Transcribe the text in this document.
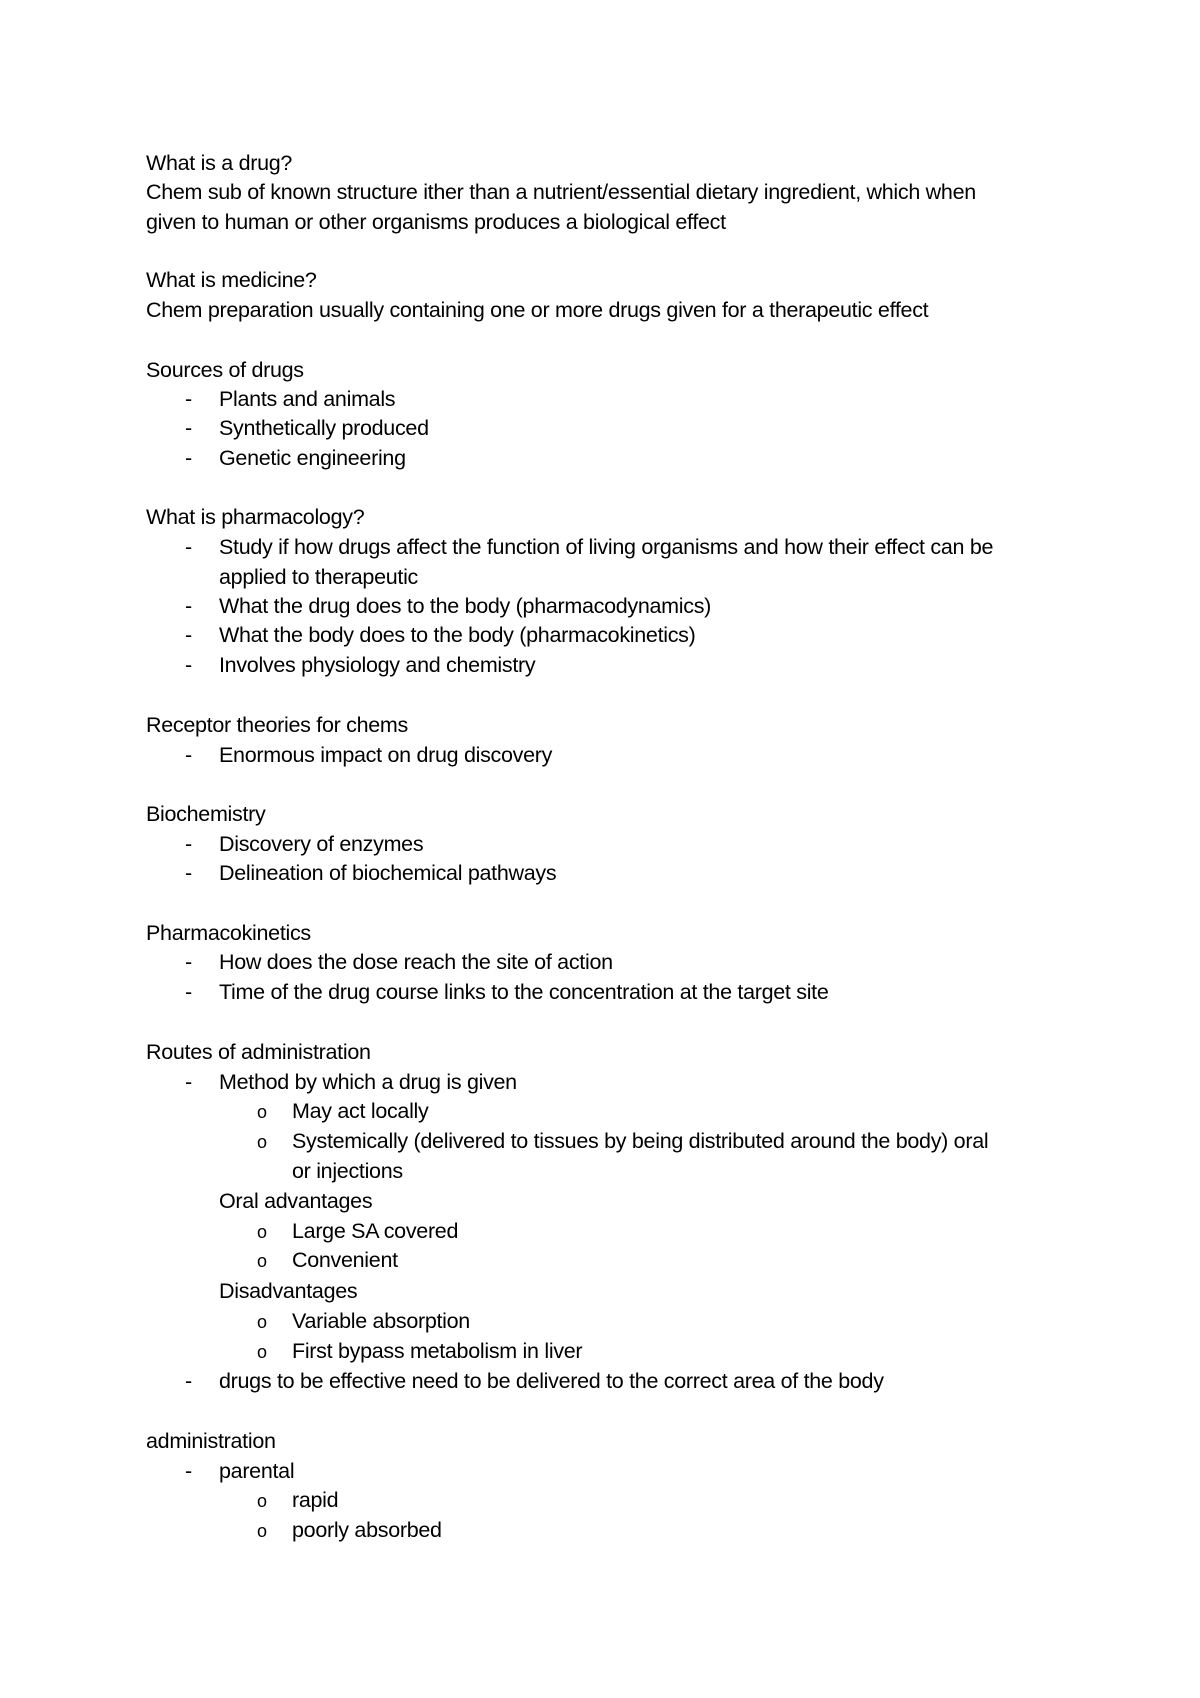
What is a drug?
Chem sub of known structure ither than a nutrient/essential dietary ingredient, which when
given to human or other organisms produces a biological effect
What is medicine?
Chem preparation usually containing one or more drugs given for a therapeutic effect
Sources of drugs
- Plants and animals
- Synthetically produced
- Genetic engineering
What is pharmacology?
- Study if how drugs affect the function of living organisms and how their effect can be
applied to therapeutic
- What the drug does to the body (pharmacodynamics)
- What the body does to the body (pharmacokinetics)
- Involves physiology and chemistry
Receptor theories for chems
- Enormous impact on drug discovery
Biochemistry
- Discovery of enzymes
- Delineation of biochemical pathways
Pharmacokinetics
- How does the dose reach the site of action
- Time of the drug course links to the concentration at the target site
Routes of administration
- Method by which a drug is given
o May act locally
o Systemically (delivered to tissues by being distributed around the body) oral
or injections
Oral advantages
o Large SA covered
o Convenient
Disadvantages
o Variable absorption
o First bypass metabolism in liver
- drugs to be effective need to be delivered to the correct area of the body
administration
- parental
o rapid
o poorly absorbed
